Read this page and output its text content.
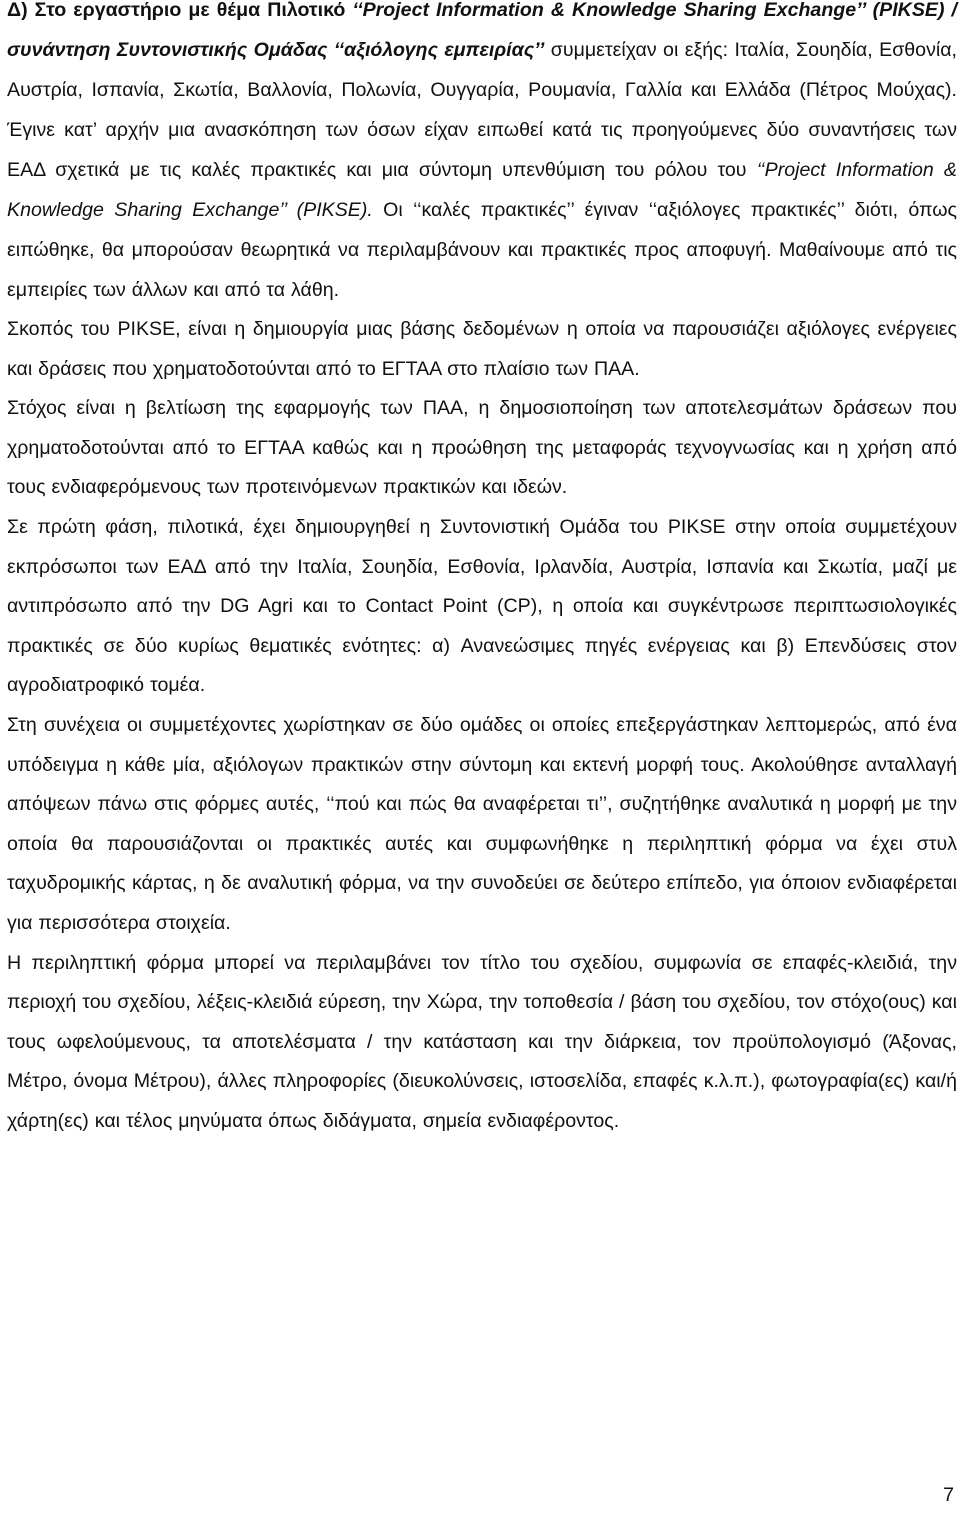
Δ) Στο εργαστήριο με θέμα Πιλοτικό ‘‘Project Information & Knowledge Sharing Exchange’’ (PIKSE) / συνάντηση Συντονιστικής Ομάδας ‘‘αξιόλογης εμπειρίας’’ συμμετείχαν οι εξής: Ιταλία, Σουηδία, Εσθονία, Αυστρία, Ισπανία, Σκωτία, Βαλλονία, Πολωνία, Ουγγαρία, Ρουμανία, Γαλλία και Ελλάδα (Πέτρος Μούχας). Έγινε κατ’ αρχήν μια ανασκόπηση των όσων είχαν ειπωθεί κατά τις προηγούμενες δύο συναντήσεις των ΕΑΔ σχετικά με τις καλές πρακτικές και μια σύντομη υπενθύμιση του ρόλου του ‘‘Project Information & Knowledge Sharing Exchange’’ (PIKSE). Οι ‘‘καλές πρακτικές’’ έγιναν ‘‘αξιόλογες πρακτικές’’ διότι, όπως ειπώθηκε, θα μπορούσαν θεωρητικά να περιλαμβάνουν και πρακτικές προς αποφυγή. Μαθαίνουμε από τις εμπειρίες των άλλων και από τα λάθη.

Σκοπός του PIKSE, είναι η δημιουργία μιας βάσης δεδομένων η οποία να παρουσιάζει αξιόλογες ενέργειες και δράσεις που χρηματοδοτούνται από το ΕΓΤΑΑ στο πλαίσιο των ΠΑΑ.

Στόχος είναι η βελτίωση της εφαρμογής των ΠΑΑ, η δημοσιοποίηση των αποτελεσμάτων δράσεων που χρηματοδοτούνται από το ΕΓΤΑΑ καθώς και η προώθηση της μεταφοράς τεχνογνωσίας και η χρήση από τους ενδιαφερόμενους των προτεινόμενων πρακτικών και ιδεών.

Σε πρώτη φάση, πιλοτικά, έχει δημιουργηθεί η Συντονιστική Ομάδα του PIKSE στην οποία συμμετέχουν εκπρόσωποι των ΕΑΔ από την Ιταλία, Σουηδία, Εσθονία, Ιρλανδία, Αυστρία, Ισπανία και Σκωτία, μαζί με αντιπρόσωπο από την DG Agri και το Contact Point (CP), η οποία και συγκέντρωσε περιπτωσιολογικές πρακτικές σε δύο κυρίως θεματικές ενότητες: α) Ανανεώσιμες πηγές ενέργειας και β) Επενδύσεις στον αγροδιατροφικό τομέα.

Στη συνέχεια οι συμμετέχοντες χωρίστηκαν σε δύο ομάδες οι οποίες επεξεργάστηκαν λεπτομερώς, από ένα υπόδειγμα η κάθε μία, αξιόλογων πρακτικών στην σύντομη και εκτενή μορφή τους. Ακολούθησε ανταλλαγή απόψεων πάνω στις φόρμες αυτές, ‘‘πού και πώς θα αναφέρεται τι’’, συζητήθηκε αναλυτικά η μορφή με την οποία θα παρουσιάζονται οι πρακτικές αυτές και συμφωνήθηκε η περιληπτική φόρμα να έχει στυλ ταχυδρομικής κάρτας, η δε αναλυτική φόρμα, να την συνοδεύει σε δεύτερο επίπεδο, για όποιον ενδιαφέρεται για περισσότερα στοιχεία.

Η περιληπτική φόρμα μπορεί να περιλαμβάνει τον τίτλο του σχεδίου, συμφωνία σε επαφές-κλειδιά, την περιοχή του σχεδίου, λέξεις-κλειδιά εύρεση, την Χώρα, την τοποθεσία / βάση του σχεδίου, τον στόχο(ους) και τους ωφελούμενους, τα αποτελέσματα / την κατάσταση και την διάρκεια, τον προϋπολογισμό (Άξονας, Μέτρο, όνομα Μέτρου), άλλες πληροφορίες (διευκολύνσεις, ιστοσελίδα, επαφές κ.λ.π.), φωτογραφία(ες) και/ή χάρτη(ες) και τέλος μηνύματα όπως διδάγματα, σημεία ενδιαφέροντος.

7
